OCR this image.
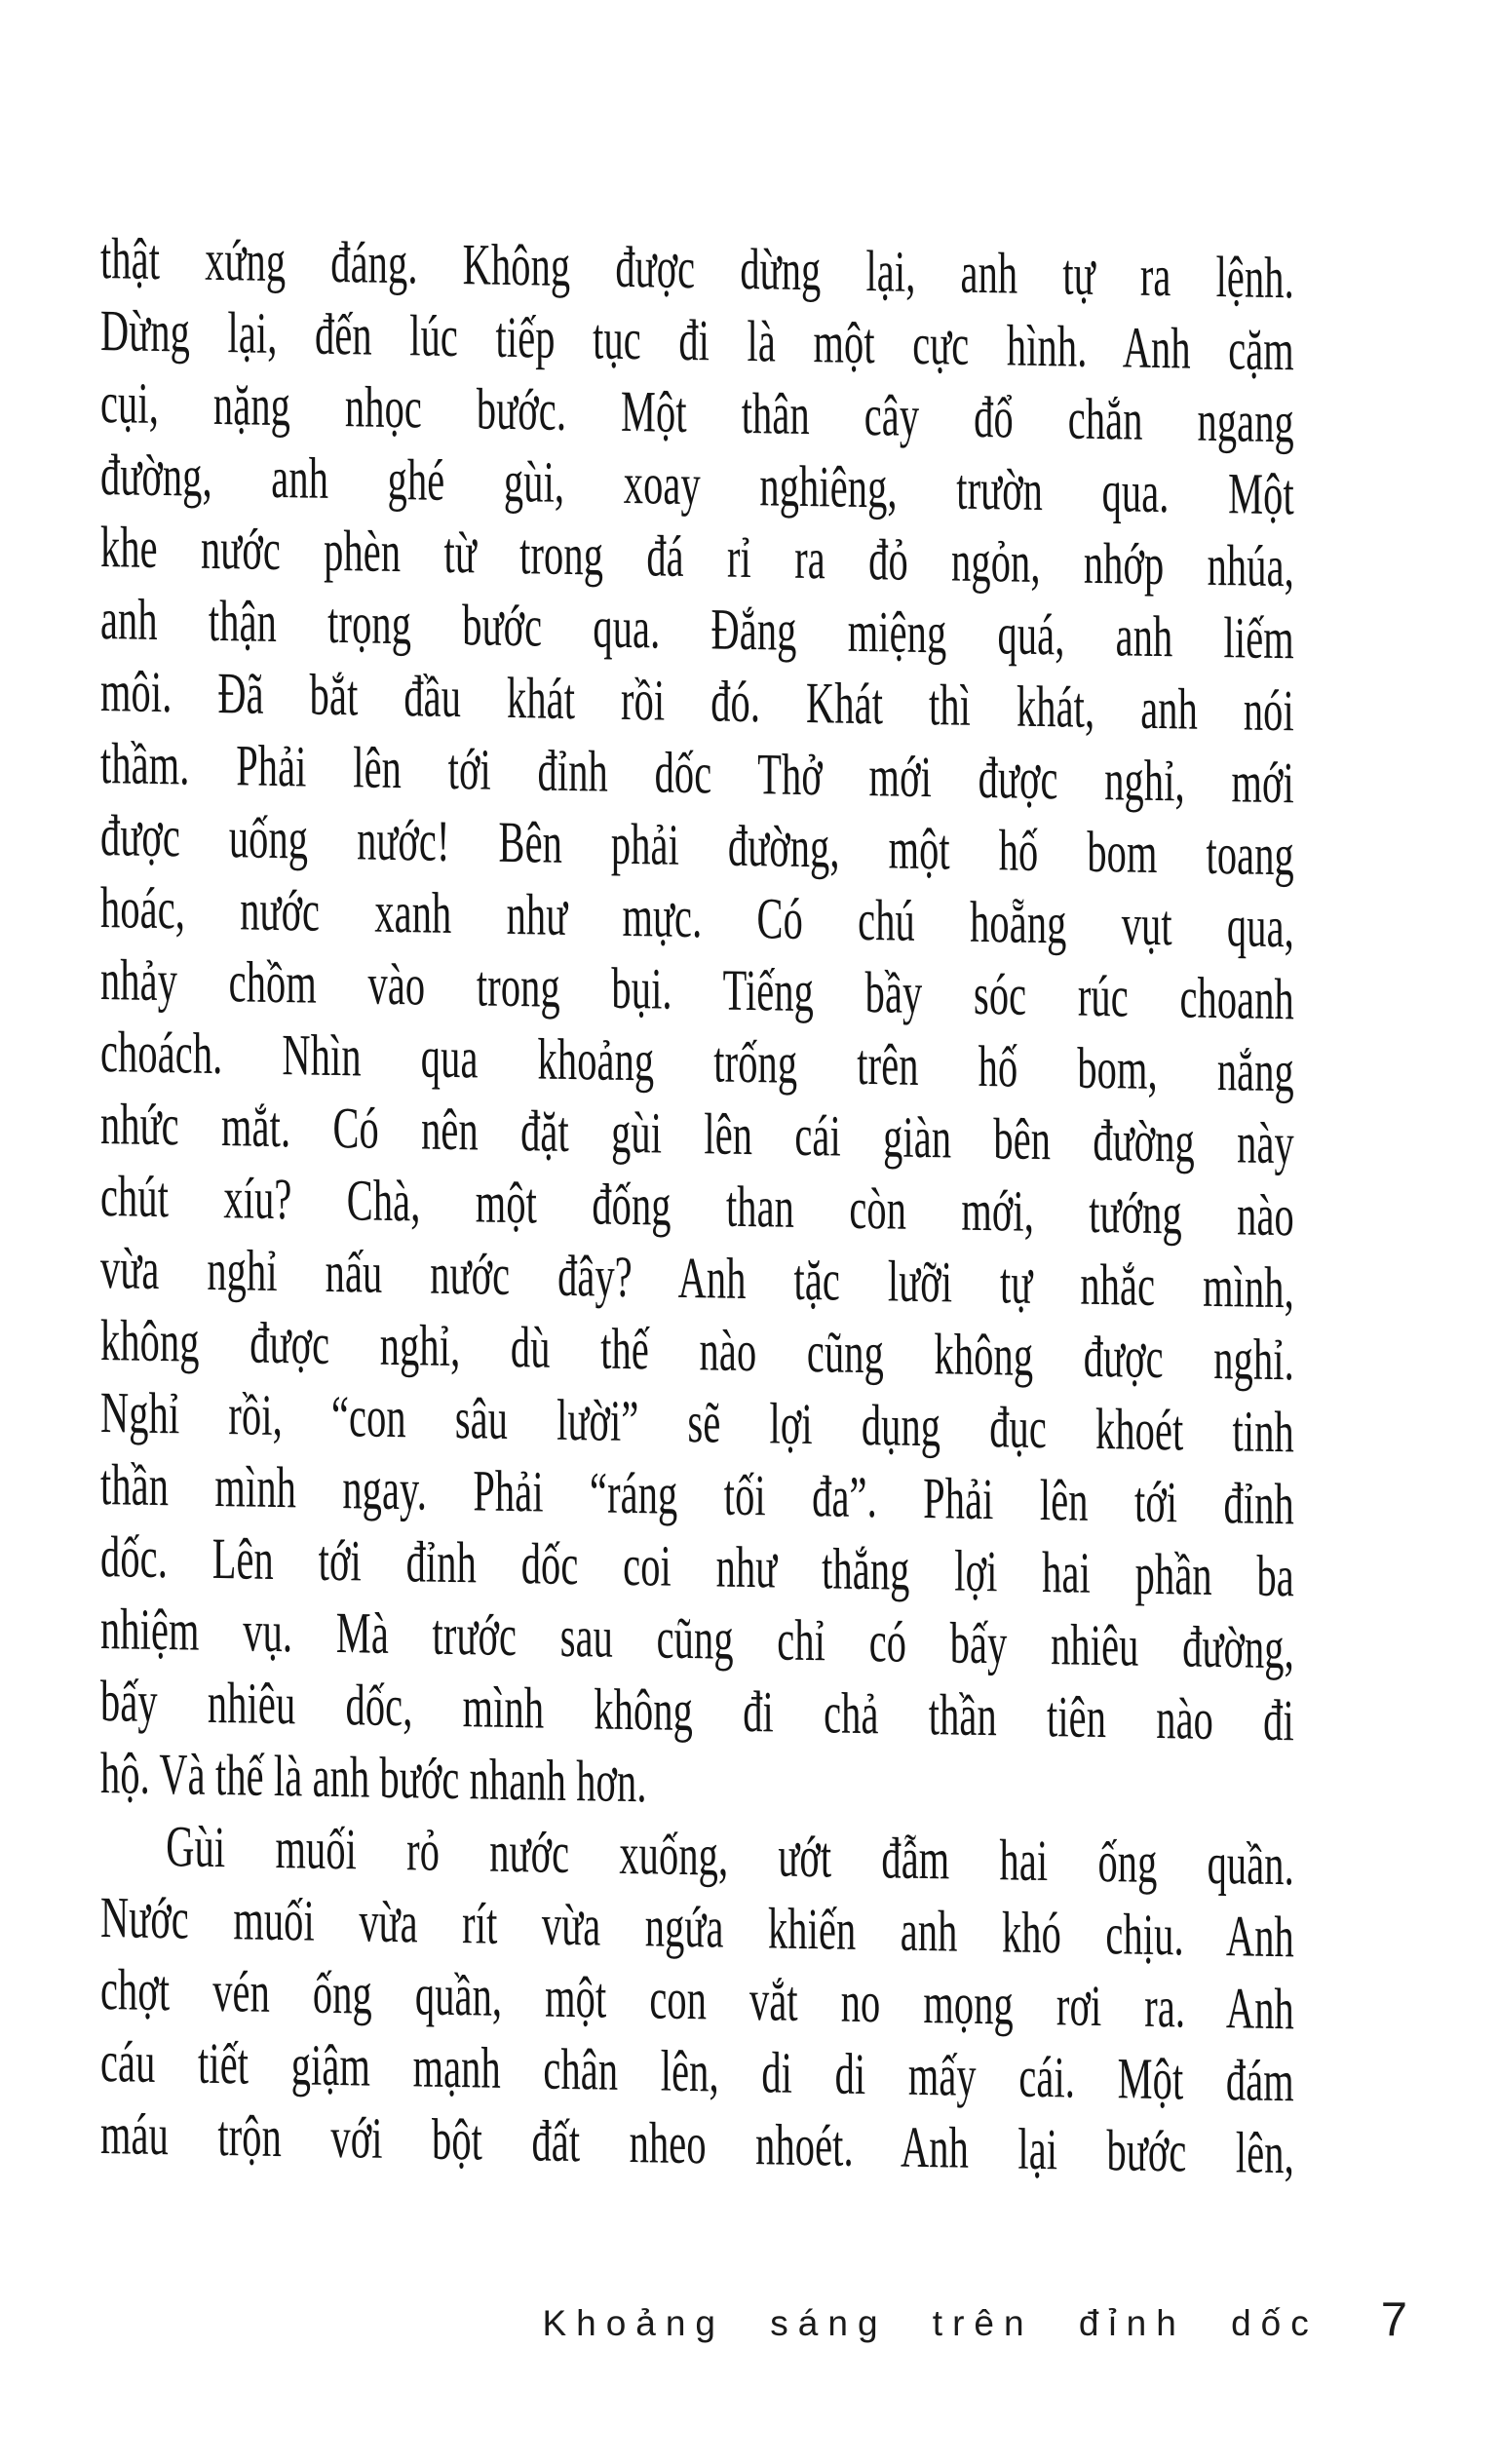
thật xứng đáng. Không được dừng lại, anh tự ra lệnh.
Dừng lại, đến lúc tiếp tục đi là một cực hình. Anh cặm
cụi, nặng nhọc bước. Một thân cây đổ chắn ngang
đường, anh ghé gùi, xoay nghiêng, trườn qua. Một
khe nước phèn từ trong đá rỉ ra đỏ ngỏn, nhớp nhúa,
anh thận trọng bước qua. Đắng miệng quá, anh liếm
môi. Đã bắt đầu khát rồi đó. Khát thì khát, anh nói
thầm. Phải lên tới đỉnh dốc Thở mới được nghỉ, mới
được uống nước! Bên phải đường, một hố bom toang
hoác, nước xanh như mực. Có chú hoẵng vụt qua,
nhảy chồm vào trong bụi. Tiếng bầy sóc rúc choanh
choách. Nhìn qua khoảng trống trên hố bom, nắng
nhức mắt. Có nên đặt gùi lên cái giàn bên đường này
chút xíu? Chà, một đống than còn mới, tướng nào
vừa nghỉ nấu nước đây? Anh tặc lưỡi tự nhắc mình,
không được nghỉ, dù thế nào cũng không được nghỉ.
Nghỉ rồi, “con sâu lười” sẽ lợi dụng đục khoét tinh
thần mình ngay. Phải “ráng tối đa”. Phải lên tới đỉnh
dốc. Lên tới đỉnh dốc coi như thắng lợi hai phần ba
nhiệm vụ. Mà trước sau cũng chỉ có bấy nhiêu đường,
bấy nhiêu dốc, mình không đi chả thần tiên nào đi
hộ. Và thế là anh bước nhanh hơn.
Gùi muối rỏ nước xuống, ướt đẫm hai ống quần.
Nước muối vừa rít vừa ngứa khiến anh khó chịu. Anh
chợt vén ống quần, một con vắt no mọng rơi ra. Anh
cáu tiết giậm mạnh chân lên, di di mấy cái. Một đám
máu trộn với bột đất nheo nhoét. Anh lại bước lên,
Khoảng sáng trên đỉnh dốc 7
